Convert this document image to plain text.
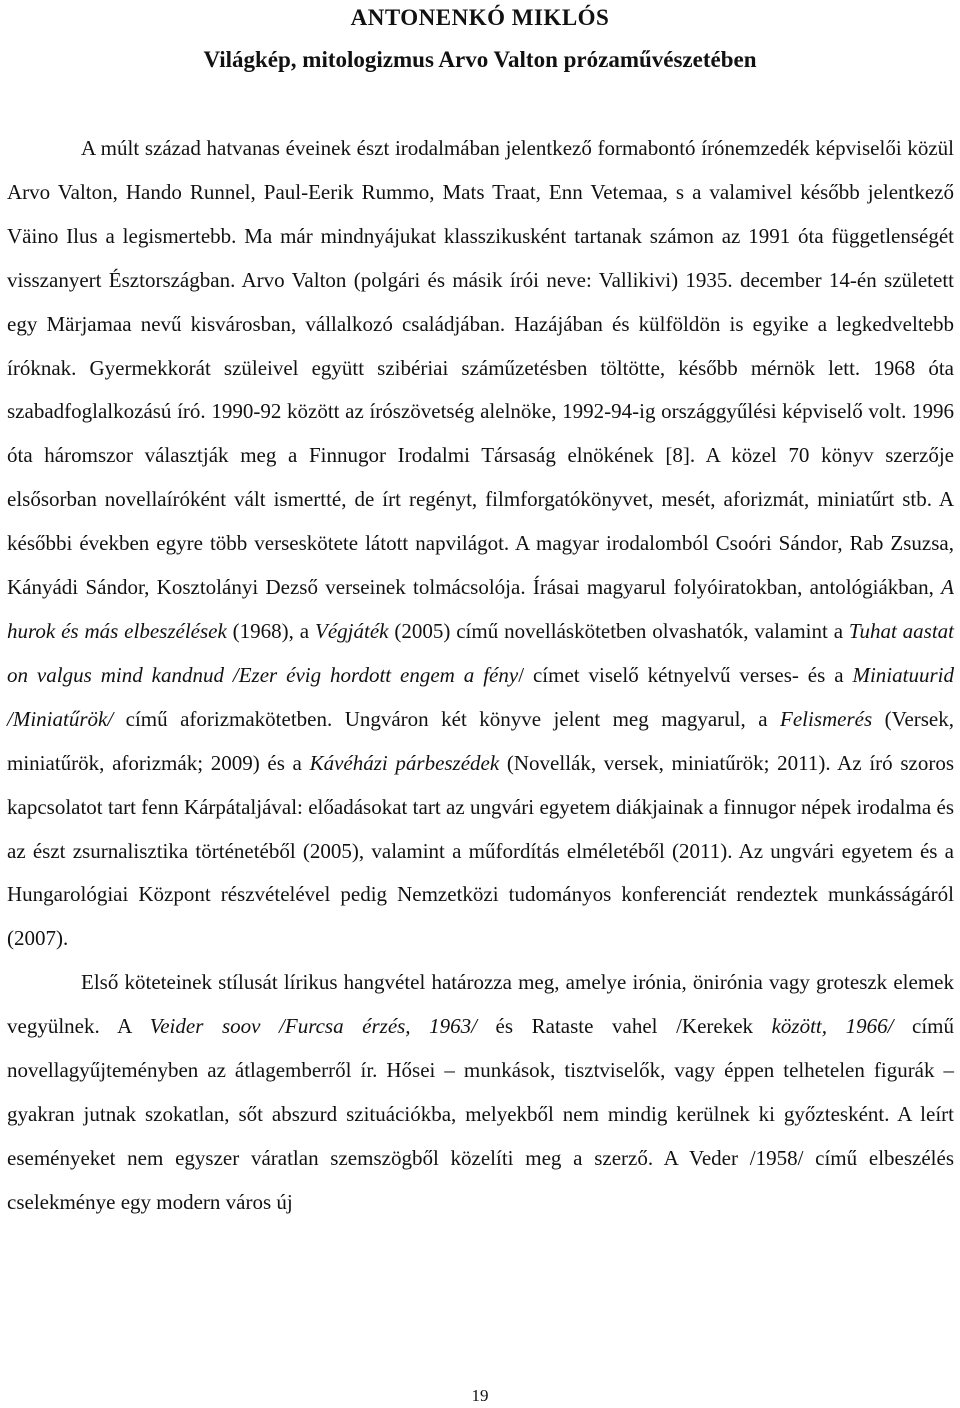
ANTONENKÓ MIKLÓS
Világkép, mitologizmus Arvo Valton prózaművészetében

A múlt század hatvanas éveinek észt irodalmában jelentkező formabontó írónemzedék képviselői közül Arvo Valton, Hando Runnel, Paul-Eerik Rummo, Mats Traat, Enn Vetemaa, s a valamivel később jelentkező Väino Ilus a legismertebb. Ma már mindnyájukat klasszikusként tartanak számon az 1991 óta függetlenségét visszanyert Észtországban. Arvo Valton (polgári és másik írói neve: Vallikivi) 1935. december 14-én született egy Märjamaa nevű kisvárosban, vállalkozó családjában. Hazájában és külföldön is egyike a legkedveltebb íróknak. Gyermekkorát szüleivel együtt szibériai száműzetésben töltötte, később mérnök lett. 1968 óta szabadfoglalkozású író. 1990-92 között az írószövetség alelnöke, 1992-94-ig országgyűlési képviselő volt. 1996 óta háromszor választják meg a Finnugor Irodalmi Társaság elnökének [8]. A közel 70 könyv szerzője elsősorban novellaíróként vált ismertté, de írt regényt, filmforgatókönyvet, mesét, aforizmát, miniatűrt stb. A későbbi években egyre több verseskötete látott napvilágot. A magyar irodalomból Csoóri Sándor, Rab Zsuzsa, Kányádi Sándor, Kosztolányi Dezső verseinek tolmácsolója. Írásai magyarul folyóiratokban, antológiákban, A hurok és más elbeszélések (1968), a Végjáték (2005) című novelláskötetben olvashatók, valamint a Tuhat aastat on valgus mind kandnud /Ezer évig hordott engem a fény/ címet viselő kétnyelvű verses- és a Miniatuurid /Miniatűrök/ című aforizmakötetben. Ungváron két könyve jelent meg magyarul, a Felismerés (Versek, miniatűrök, aforizmák; 2009) és a Kávéházi párbeszédek (Novellák, versek, miniatűrök; 2011). Az író szoros kapcsolatot tart fenn Kárpátaljával: előadásokat tart az ungvári egyetem diákjainak a finnugor népek irodalma és az észt zsurnalisztika történetéből (2005), valamint a műfordítás elméletéből (2011). Az ungvári egyetem és a Hungarológiai Központ részvételével pedig Nemzetközi tudományos konferenciát rendeztek munkásságáról (2007).

Első köteteinek stílusát lírikus hangvétel határozza meg, amelye irónia, önirónia vagy groteszk elemek vegyülnek. A Veider soov /Furcsa érzés, 1963/ és Rataste vahel /Kerekek között, 1966/ című novellagyűjteményben az átlagemberről ír. Hősei – munkások, tisztviselők, vagy éppen telhetelen figurák – gyakran jutnak szokatlan, sőt abszurd szituációkba, melyekből nem mindig kerülnek ki győztesként. A leírt eseményeket nem egyszer váratlan szemszögből közelíti meg a szerző. A Veder /1958/ című elbeszélés cselekménye egy modern város új

19
